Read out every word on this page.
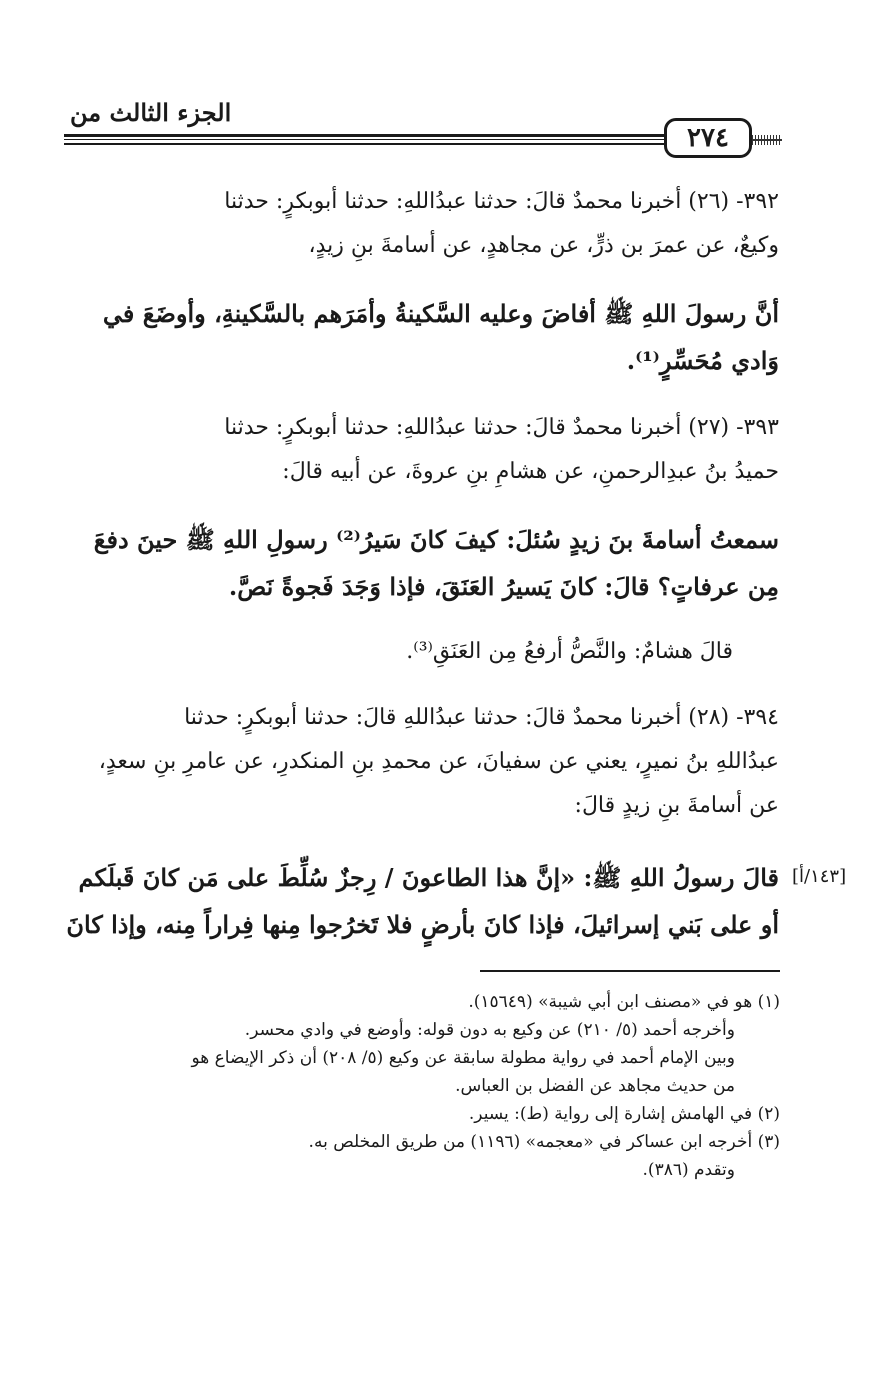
الجزء الثالث من
٢٧٤
٣٩٢- (٢٦) أخبرنا محمدٌ قالَ: حدثنا عبدُاللهِ: حدثنا أبوبكرٍ: حدثنا
وكيعٌ، عن عمرَ بن ذرٍّ، عن مجاهدٍ، عن أسامةَ بنِ زيدٍ،
أنَّ رسولَ اللهِ ﷺ أفاضَ وعليه السَّكينةُ وأمَرَهم بالسَّكينةِ، وأوضَعَ في
وَادي مُحَسِّرٍ⁽¹⁾.
٣٩٣- (٢٧) أخبرنا محمدٌ قالَ: حدثنا عبدُاللهِ: حدثنا أبوبكرٍ: حدثنا
حميدُ بنُ عبدِالرحمنِ، عن هشامِ بنِ عروةَ، عن أبيه قالَ:
سمعتُ أسامةَ بنَ زيدٍ سُئلَ: كيفَ كانَ سَيرُ⁽²⁾ رسولِ اللهِ ﷺ حينَ دفعَ
مِن عرفاتٍ؟ قالَ: كانَ يَسيرُ العَنَقَ، فإذا وَجَدَ فَجوةً نَصَّ.
قالَ هشامٌ: والنَّصُّ أرفعُ مِن العَنَقِ⁽³⁾.
٣٩٤- (٢٨) أخبرنا محمدٌ قالَ: حدثنا عبدُاللهِ قالَ: حدثنا أبوبكرٍ: حدثنا
عبدُاللهِ بنُ نميرٍ، يعني عن سفيانَ، عن محمدِ بنِ المنكدرِ، عن عامرِ بنِ سعدٍ،
عن أسامةَ بنِ زيدٍ قالَ:
[١٤٣/أ]
قالَ رسولُ اللهِ ﷺ: «إنَّ هذا الطاعونَ / رِجزٌ سُلِّطَ على مَن كانَ قَبلَكم
أو على بَني إسرائيلَ، فإذا كانَ بأرضٍ فلا تَخرُجوا مِنها فِراراً مِنه، وإذا كانَ
(١) هو في «مصنف ابن أبي شيبة» (١٥٦٤٩).
وأخرجه أحمد (٥/ ٢١٠) عن وكيع به دون قوله: وأوضع في وادي محسر.
وبين الإمام أحمد في رواية مطولة سابقة عن وكيع (٥/ ٢٠٨) أن ذكر الإيضاع هو
من حديث مجاهد عن الفضل بن العباس.
(٢) في الهامش إشارة إلى رواية (ط): يسير.
(٣) أخرجه ابن عساكر في «معجمه» (١١٩٦) من طريق المخلص به.
وتقدم (٣٨٦).
